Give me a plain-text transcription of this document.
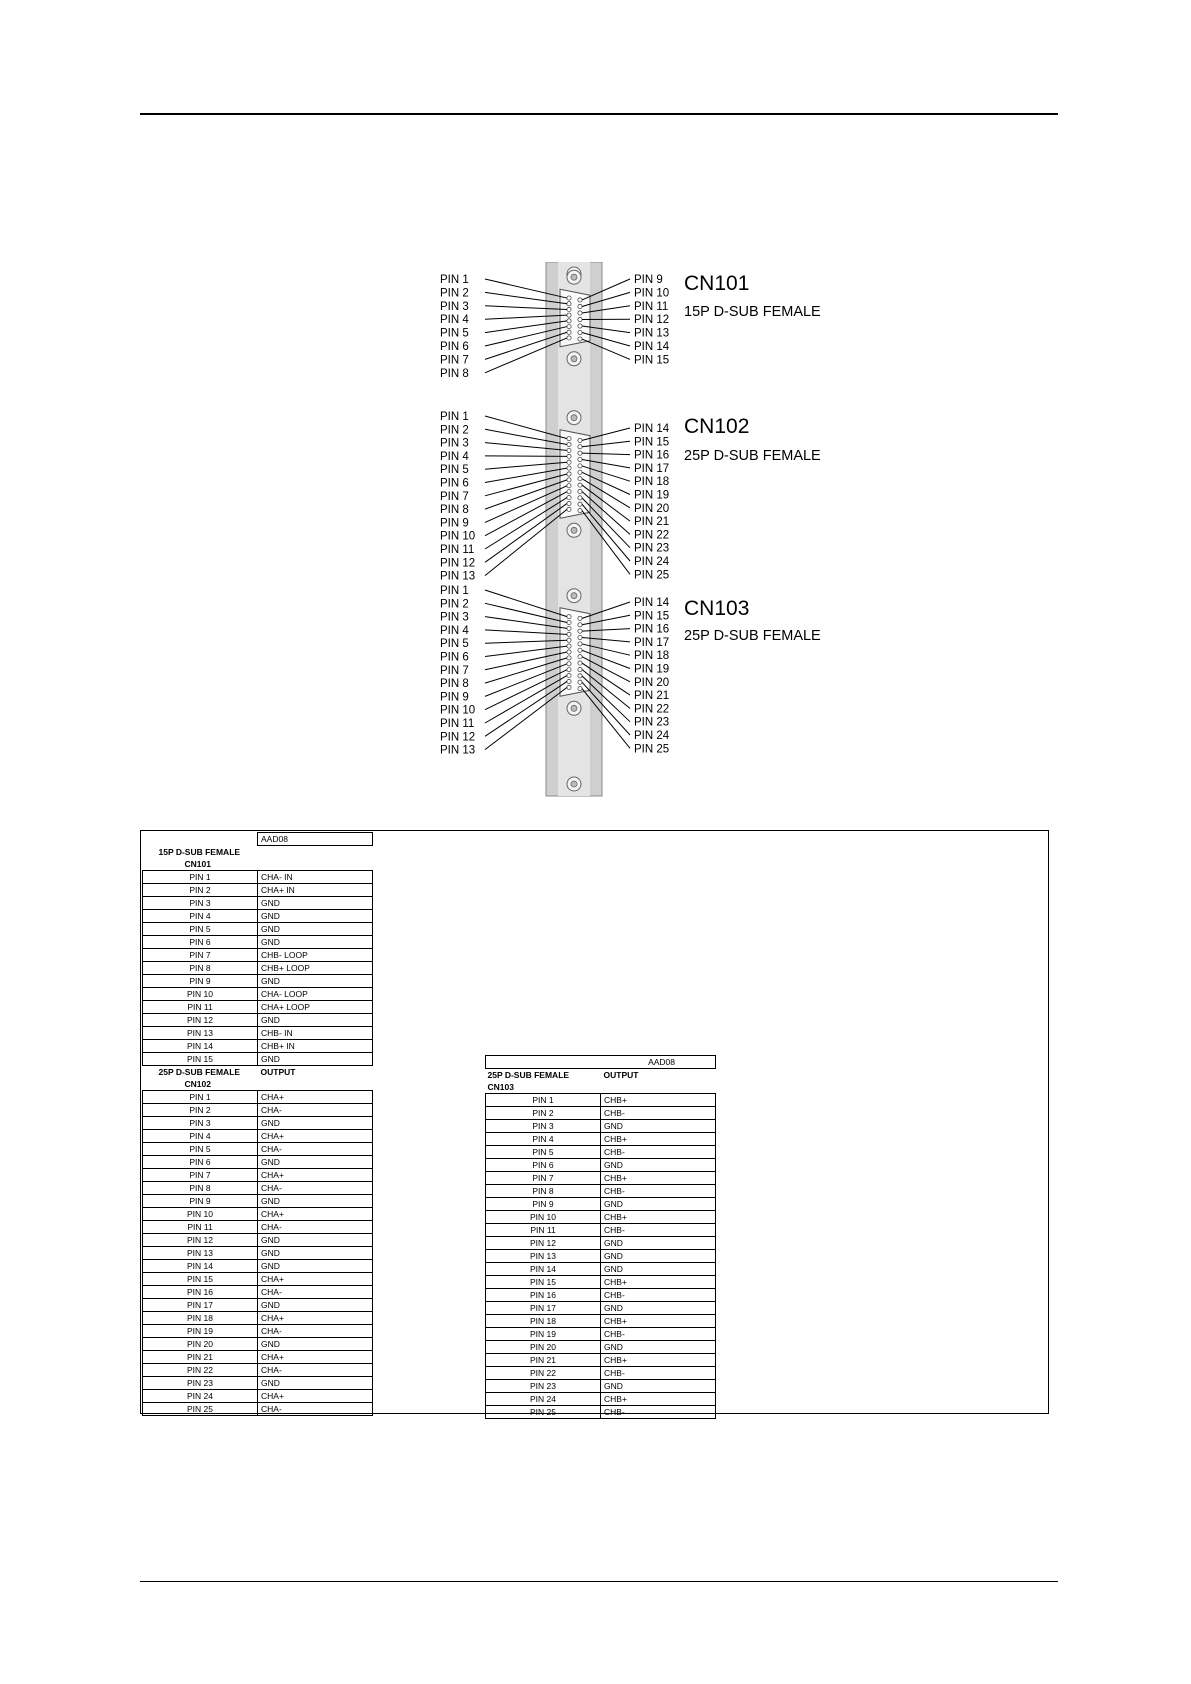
PIN 1
PIN 2
PIN 3
PIN 4
PIN 5
PIN 6
PIN 7
PIN 8
PIN 9
PIN 10
PIN 11
PIN 12
PIN 13
PIN 14
PIN 15
CN101
15P D-SUB FEMALE
PIN 1
PIN 2
PIN 3
PIN 4
PIN 5
PIN 6
PIN 7
PIN 8
PIN 9
PIN 10
PIN 11
PIN 12
PIN 13
PIN 14
PIN 15
PIN 16
PIN 17
PIN 18
PIN 19
PIN 20
PIN 21
PIN 22
PIN 23
PIN 24
PIN 25
CN102
25P D-SUB FEMALE
PIN 1
PIN 2
PIN 3
PIN 4
PIN 5
PIN 6
PIN 7
PIN 8
PIN 9
PIN 10
PIN 11
PIN 12
PIN 13
PIN 14
PIN 15
PIN 16
PIN 17
PIN 18
PIN 19
PIN 20
PIN 21
PIN 22
PIN 23
PIN 24
PIN 25
CN103
25P D-SUB FEMALE
	AAD08
15P D-SUB FEMALE	
CN101	
PIN 1	CHA- IN
PIN 2	CHA+ IN
PIN 3	GND
PIN 4	GND
PIN 5	GND
PIN 6	GND
PIN 7	CHB- LOOP
PIN 8	CHB+ LOOP
PIN 9	GND
PIN 10	CHA- LOOP
PIN 11	CHA+ LOOP
PIN 12	GND
PIN 13	CHB- IN
PIN 14	CHB+ IN
PIN 15	GND
25P D-SUB FEMALE	OUTPUT
CN102	
PIN 1	CHA+
PIN 2	CHA-
PIN 3	GND
PIN 4	CHA+
PIN 5	CHA-
PIN 6	GND
PIN 7	CHA+
PIN 8	CHA-
PIN 9	GND
PIN 10	CHA+
PIN 11	CHA-
PIN 12	GND
PIN 13	GND
PIN 14	GND
PIN 15	CHA+
PIN 16	CHA-
PIN 17	GND
PIN 18	CHA+
PIN 19	CHA-
PIN 20	GND
PIN 21	CHA+
PIN 22	CHA-
PIN 23	GND
PIN 24	CHA+
PIN 25	CHA-
AAD08	
25P D-SUB FEMALE	OUTPUT
CN103	
PIN 1	CHB+
PIN 2	CHB-
PIN 3	GND
PIN 4	CHB+
PIN 5	CHB-
PIN 6	GND
PIN 7	CHB+
PIN 8	CHB-
PIN 9	GND
PIN 10	CHB+
PIN 11	CHB-
PIN 12	GND
PIN 13	GND
PIN 14	GND
PIN 15	CHB+
PIN 16	CHB-
PIN 17	GND
PIN 18	CHB+
PIN 19	CHB-
PIN 20	GND
PIN 21	CHB+
PIN 22	CHB-
PIN 23	GND
PIN 24	CHB+
PIN 25	CHB-
